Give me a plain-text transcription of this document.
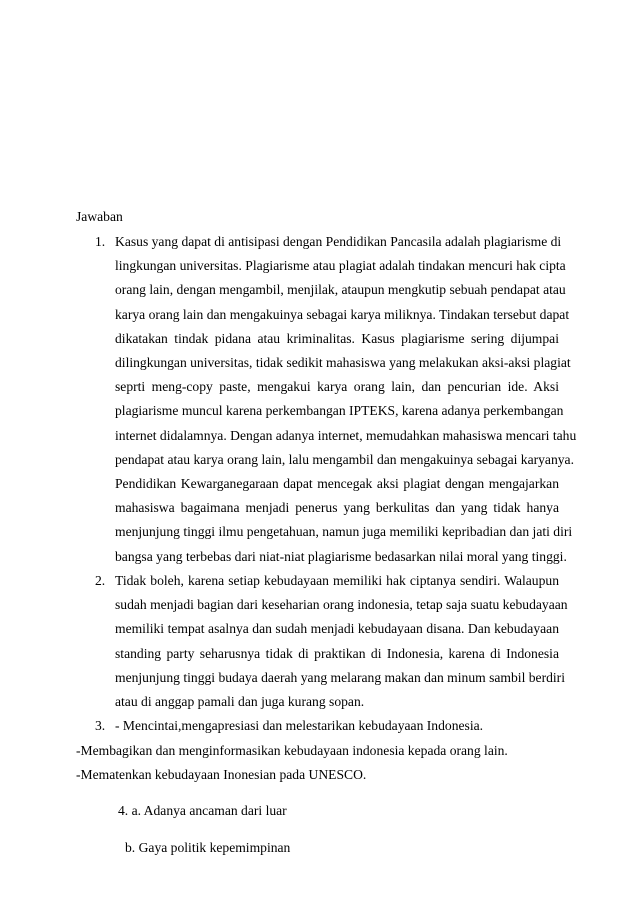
Jawaban
1. Kasus yang dapat di antisipasi dengan Pendidikan Pancasila adalah plagiarisme di
lingkungan universitas. Plagiarisme atau plagiat adalah tindakan mencuri hak cipta
orang lain, dengan mengambil, menjilak, ataupun mengkutip sebuah pendapat atau
karya orang lain dan mengakuinya sebagai karya miliknya. Tindakan tersebut dapat
dikatakan tindak pidana atau kriminalitas. Kasus plagiarisme sering dijumpai
dilingkungan universitas, tidak sedikit mahasiswa yang melakukan aksi-aksi plagiat
seprti meng-copy paste, mengakui karya orang lain, dan pencurian ide. Aksi
plagiarisme muncul karena perkembangan IPTEKS, karena adanya perkembangan
internet didalamnya. Dengan adanya internet, memudahkan mahasiswa mencari tahu
pendapat atau karya orang lain, lalu mengambil dan mengakuinya sebagai karyanya.
Pendidikan Kewarganegaraan dapat mencegak aksi plagiat dengan mengajarkan
mahasiswa bagaimana menjadi penerus yang berkulitas dan yang tidak hanya
menjunjung tinggi ilmu pengetahuan, namun juga memiliki kepribadian dan jati diri
bangsa yang terbebas dari niat-niat plagiarisme bedasarkan nilai moral yang tinggi.
2. Tidak boleh, karena setiap kebudayaan memiliki hak ciptanya sendiri. Walaupun
sudah menjadi bagian dari keseharian orang indonesia, tetap saja suatu kebudayaan
memiliki tempat asalnya dan sudah menjadi kebudayaan disana. Dan kebudayaan
standing party seharusnya tidak di praktikan di Indonesia, karena di Indonesia
menjunjung tinggi budaya daerah yang melarang makan dan minum sambil berdiri
atau di anggap pamali dan juga kurang sopan.
3. - Mencintai,mengapresiasi dan melestarikan kebudayaan Indonesia.
-Membagikan dan menginformasikan kebudayaan indonesia kepada orang lain.
-Mematenkan kebudayaan Inonesian pada UNESCO.
4. a. Adanya ancaman dari luar
b. Gaya politik kepemimpinan
